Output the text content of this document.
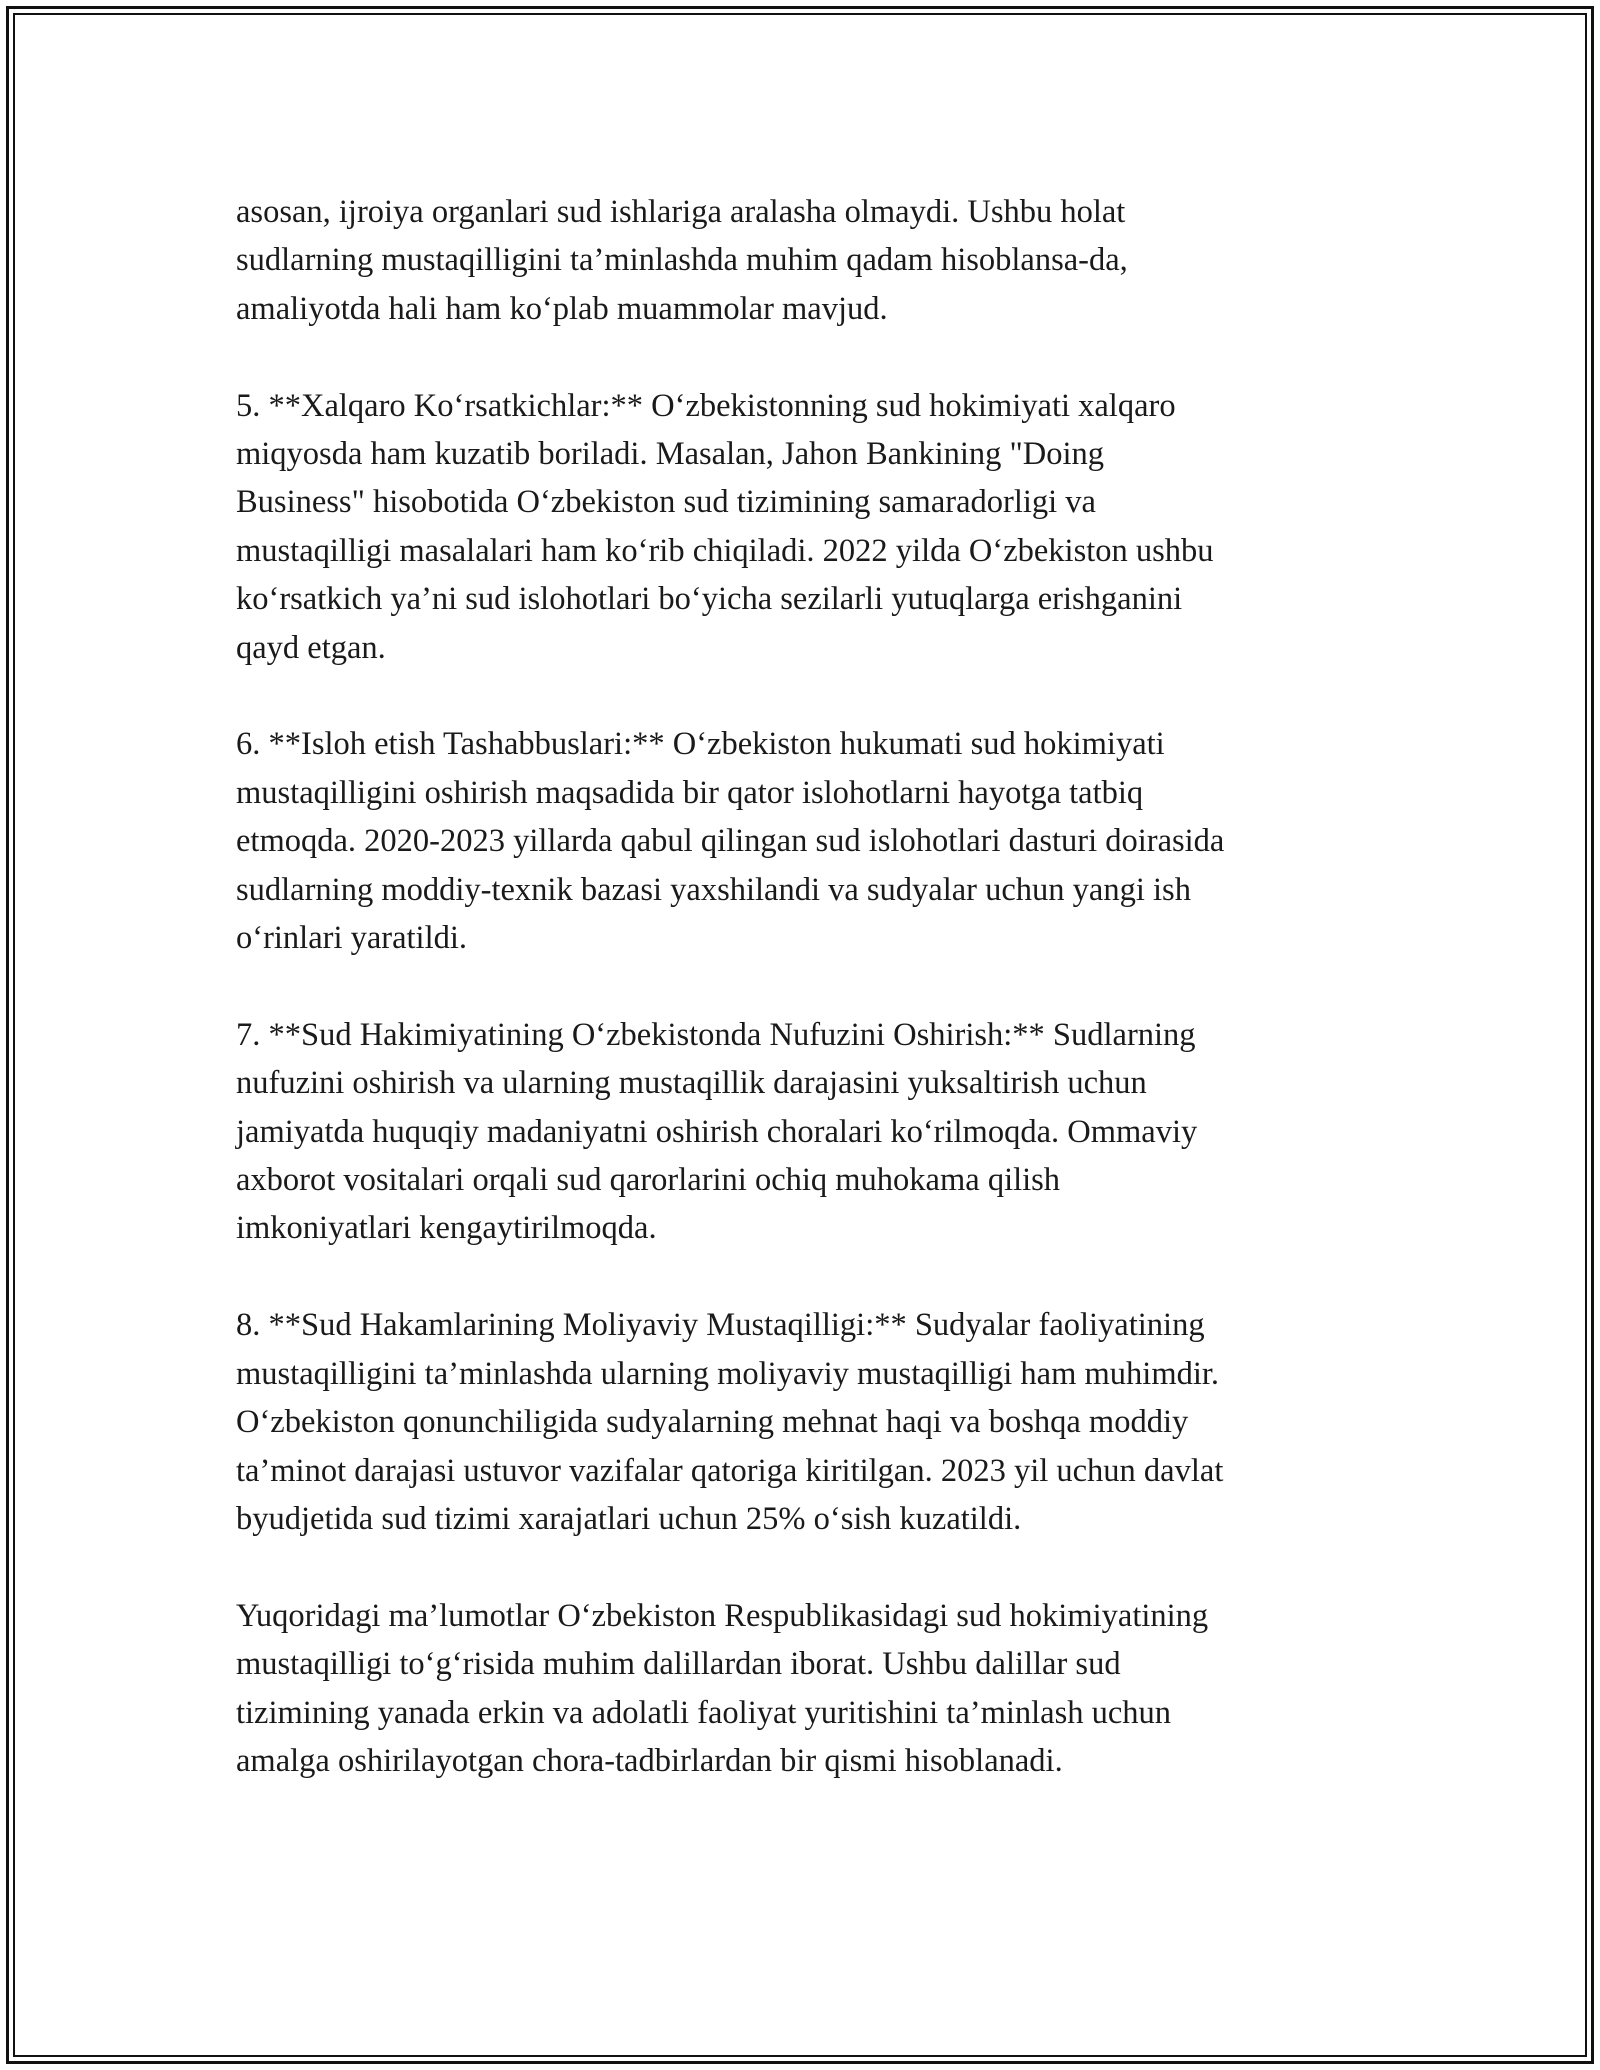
asosan, ijroiya organlari sud ishlariga aralasha olmaydi. Ushbu holat
sudlarning mustaqilligini ta’minlashda muhim qadam hisoblansa-da,
amaliyotda hali ham ko‘plab muammolar mavjud.

5. **Xalqaro Ko‘rsatkichlar:** O‘zbekistonning sud hokimiyati xalqaro
miqyosda ham kuzatib boriladi. Masalan, Jahon Bankining "Doing
Business" hisobotida O‘zbekiston sud tizimining samaradorligi va
mustaqilligi masalalari ham ko‘rib chiqiladi. 2022 yilda O‘zbekiston ushbu
ko‘rsatkich ya’ni sud islohotlari bo‘yicha sezilarli yutuqlarga erishganini
qayd etgan.

6. **Isloh etish Tashabbuslari:** O‘zbekiston hukumati sud hokimiyati
mustaqilligini oshirish maqsadida bir qator islohotlarni hayotga tatbiq
etmoqda. 2020-2023 yillarda qabul qilingan sud islohotlari dasturi doirasida
sudlarning moddiy-texnik bazasi yaxshilandi va sudyalar uchun yangi ish
o‘rinlari yaratildi.

7. **Sud Hakimiyatining O‘zbekistonda Nufuzini Oshirish:** Sudlarning
nufuzini oshirish va ularning mustaqillik darajasini yuksaltirish uchun
jamiyatda huquqiy madaniyatni oshirish choralari ko‘rilmoqda. Ommaviy
axborot vositalari orqali sud qarorlarini ochiq muhokama qilish
imkoniyatlari kengaytirilmoqda.

8. **Sud Hakamlarining Moliyaviy Mustaqilligi:** Sudyalar faoliyatining
mustaqilligini ta’minlashda ularning moliyaviy mustaqilligi ham muhimdir.
O‘zbekiston qonunchiligida sudyalarning mehnat haqi va boshqa moddiy
ta’minot darajasi ustuvor vazifalar qatoriga kiritilgan. 2023 yil uchun davlat
byudjetida sud tizimi xarajatlari uchun 25% o‘sish kuzatildi.

Yuqoridagi ma’lumotlar O‘zbekiston Respublikasidagi sud hokimiyatining
mustaqilligi to‘g‘risida muhim dalillardan iborat. Ushbu dalillar sud
tizimining yanada erkin va adolatli faoliyat yuritishini ta’minlash uchun
amalga oshirilayotgan chora-tadbirlardan bir qismi hisoblanadi.
